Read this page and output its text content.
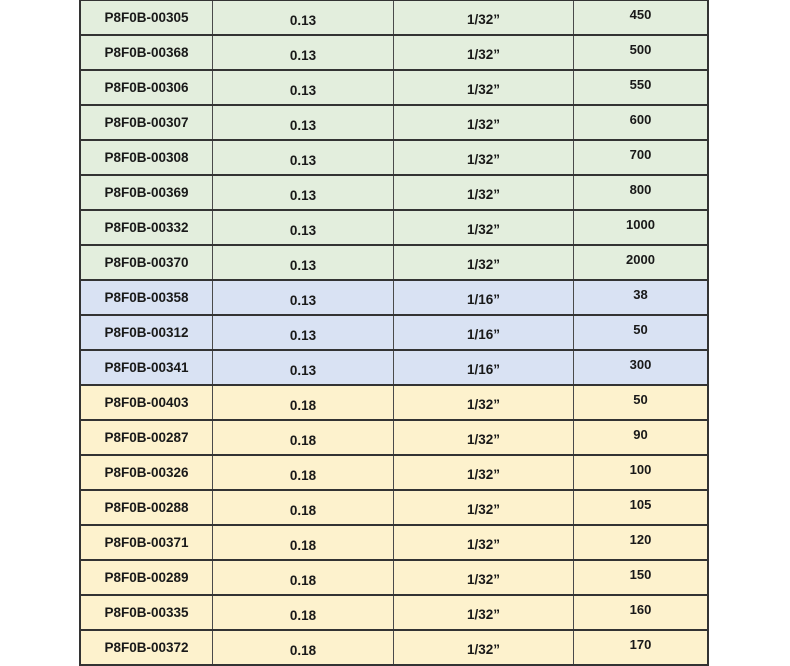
P8F0B-00305	0.13	1/32”	450
P8F0B-00368	0.13	1/32”	500
P8F0B-00306	0.13	1/32”	550
P8F0B-00307	0.13	1/32”	600
P8F0B-00308	0.13	1/32”	700
P8F0B-00369	0.13	1/32”	800
P8F0B-00332	0.13	1/32”	1000
P8F0B-00370	0.13	1/32”	2000
P8F0B-00358	0.13	1/16”	38
P8F0B-00312	0.13	1/16”	50
P8F0B-00341	0.13	1/16”	300
P8F0B-00403	0.18	1/32”	50
P8F0B-00287	0.18	1/32”	90
P8F0B-00326	0.18	1/32”	100
P8F0B-00288	0.18	1/32”	105
P8F0B-00371	0.18	1/32”	120
P8F0B-00289	0.18	1/32”	150
P8F0B-00335	0.18	1/32”	160
P8F0B-00372	0.18	1/32”	170
